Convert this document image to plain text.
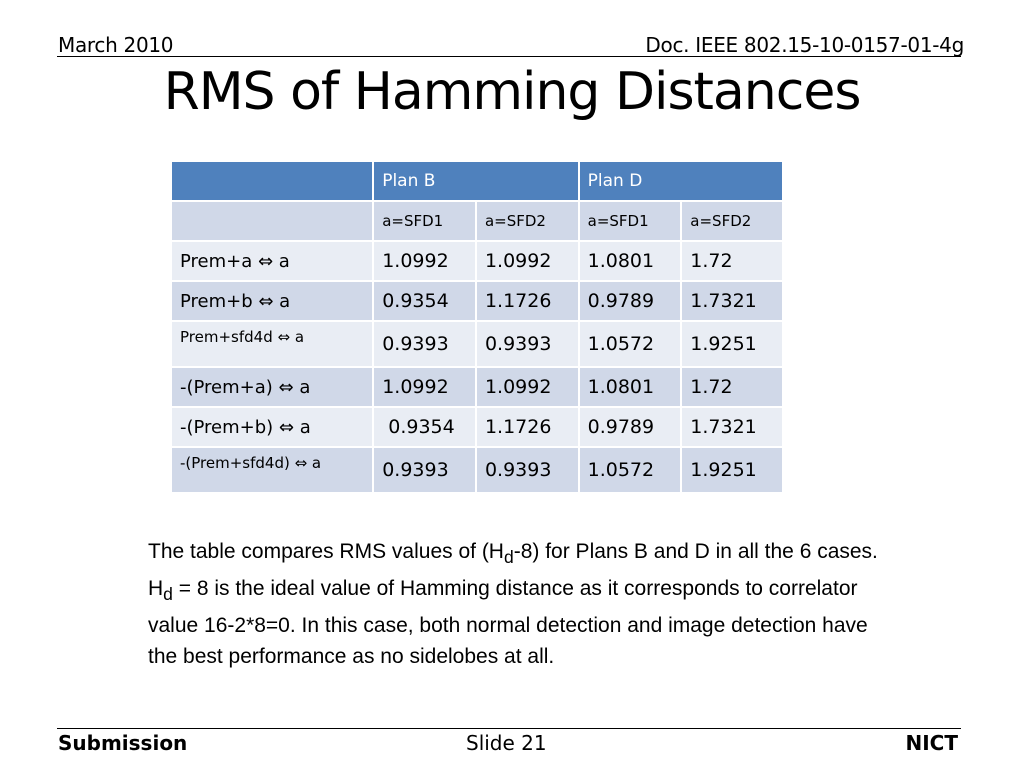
March 2010	Doc. IEEE 802.15-10-0157-01-4g
RMS of Hamming Distances
	Plan B		Plan D	
	a=SFD1	a=SFD2	a=SFD1	a=SFD2
Prem+a ⇔ a	1.0992	1.0992	1.0801	1.72
Prem+b ⇔ a	0.9354	1.1726	0.9789	1.7321
Prem+sfd4d ⇔ a	0.9393	0.9393	1.0572	1.9251
-(Prem+a) ⇔ a	1.0992	1.0992	1.0801	1.72
-(Prem+b) ⇔ a	0.9354	1.1726	0.9789	1.7321
-(Prem+sfd4d) ⇔ a	0.9393	0.9393	1.0572	1.9251
The table compares RMS values of $(H_d-8)$ for Plans B and D in all the 6 cases. $H_d = 8$ is the ideal value of Hamming distance as it corresponds to correlator value 16-2*8=0. In this case, both normal detection and image detection have the best performance as no sidelobes at all.
Submission	Slide 21	NICT
